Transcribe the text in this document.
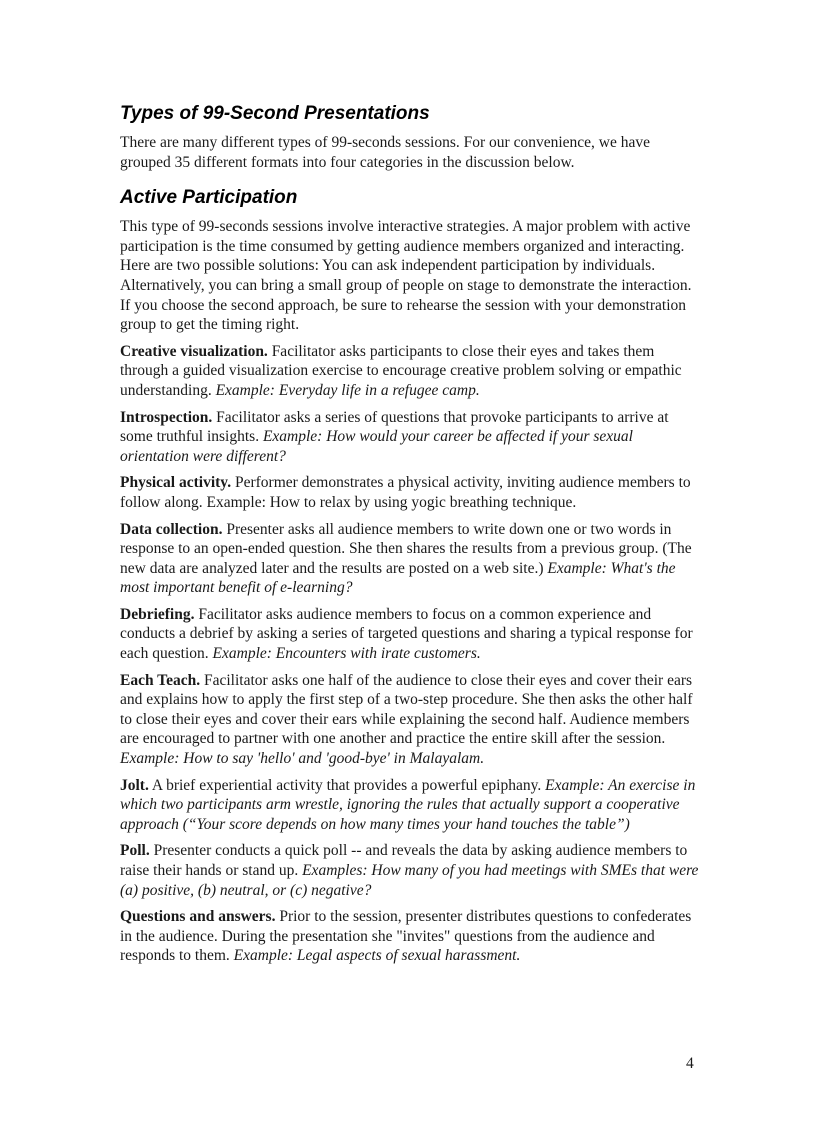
Types of 99-Second Presentations

There are many different types of 99-seconds sessions. For our convenience, we have grouped 35 different formats into four categories in the discussion below.

Active Participation

This type of 99-seconds sessions involve interactive strategies. A major problem with active participation is the time consumed by getting audience members organized and interacting. Here are two possible solutions: You can ask independent participation by individuals. Alternatively, you can bring a small group of people on stage to demonstrate the interaction. If you choose the second approach, be sure to rehearse the session with your demonstration group to get the timing right.

Creative visualization. Facilitator asks participants to close their eyes and takes them through a guided visualization exercise to encourage creative problem solving or empathic understanding. Example: Everyday life in a refugee camp.

Introspection. Facilitator asks a series of questions that provoke participants to arrive at some truthful insights. Example: How would your career be affected if your sexual orientation were different?

Physical activity. Performer demonstrates a physical activity, inviting audience members to follow along. Example: How to relax by using yogic breathing technique.

Data collection. Presenter asks all audience members to write down one or two words in response to an open-ended question. She then shares the results from a previous group. (The new data are analyzed later and the results are posted on a web site.) Example: What's the most important benefit of e-learning?

Debriefing. Facilitator asks audience members to focus on a common experience and conducts a debrief by asking a series of targeted questions and sharing a typical response for each question. Example: Encounters with irate customers.

Each Teach. Facilitator asks one half of the audience to close their eyes and cover their ears and explains how to apply the first step of a two-step procedure. She then asks the other half to close their eyes and cover their ears while explaining the second half. Audience members are encouraged to partner with one another and practice the entire skill after the session. Example: How to say 'hello' and 'good-bye' in Malayalam.

Jolt. A brief experiential activity that provides a powerful epiphany. Example: An exercise in which two participants arm wrestle, ignoring the rules that actually support a cooperative approach (“Your score depends on how many times your hand touches the table”)

Poll. Presenter conducts a quick poll -- and reveals the data by asking audience members to raise their hands or stand up. Examples: How many of you had meetings with SMEs that were (a) positive, (b) neutral, or (c) negative?

Questions and answers. Prior to the session, presenter distributes questions to confederates in the audience. During the presentation she "invites" questions from the audience and responds to them. Example: Legal aspects of sexual harassment.

4
